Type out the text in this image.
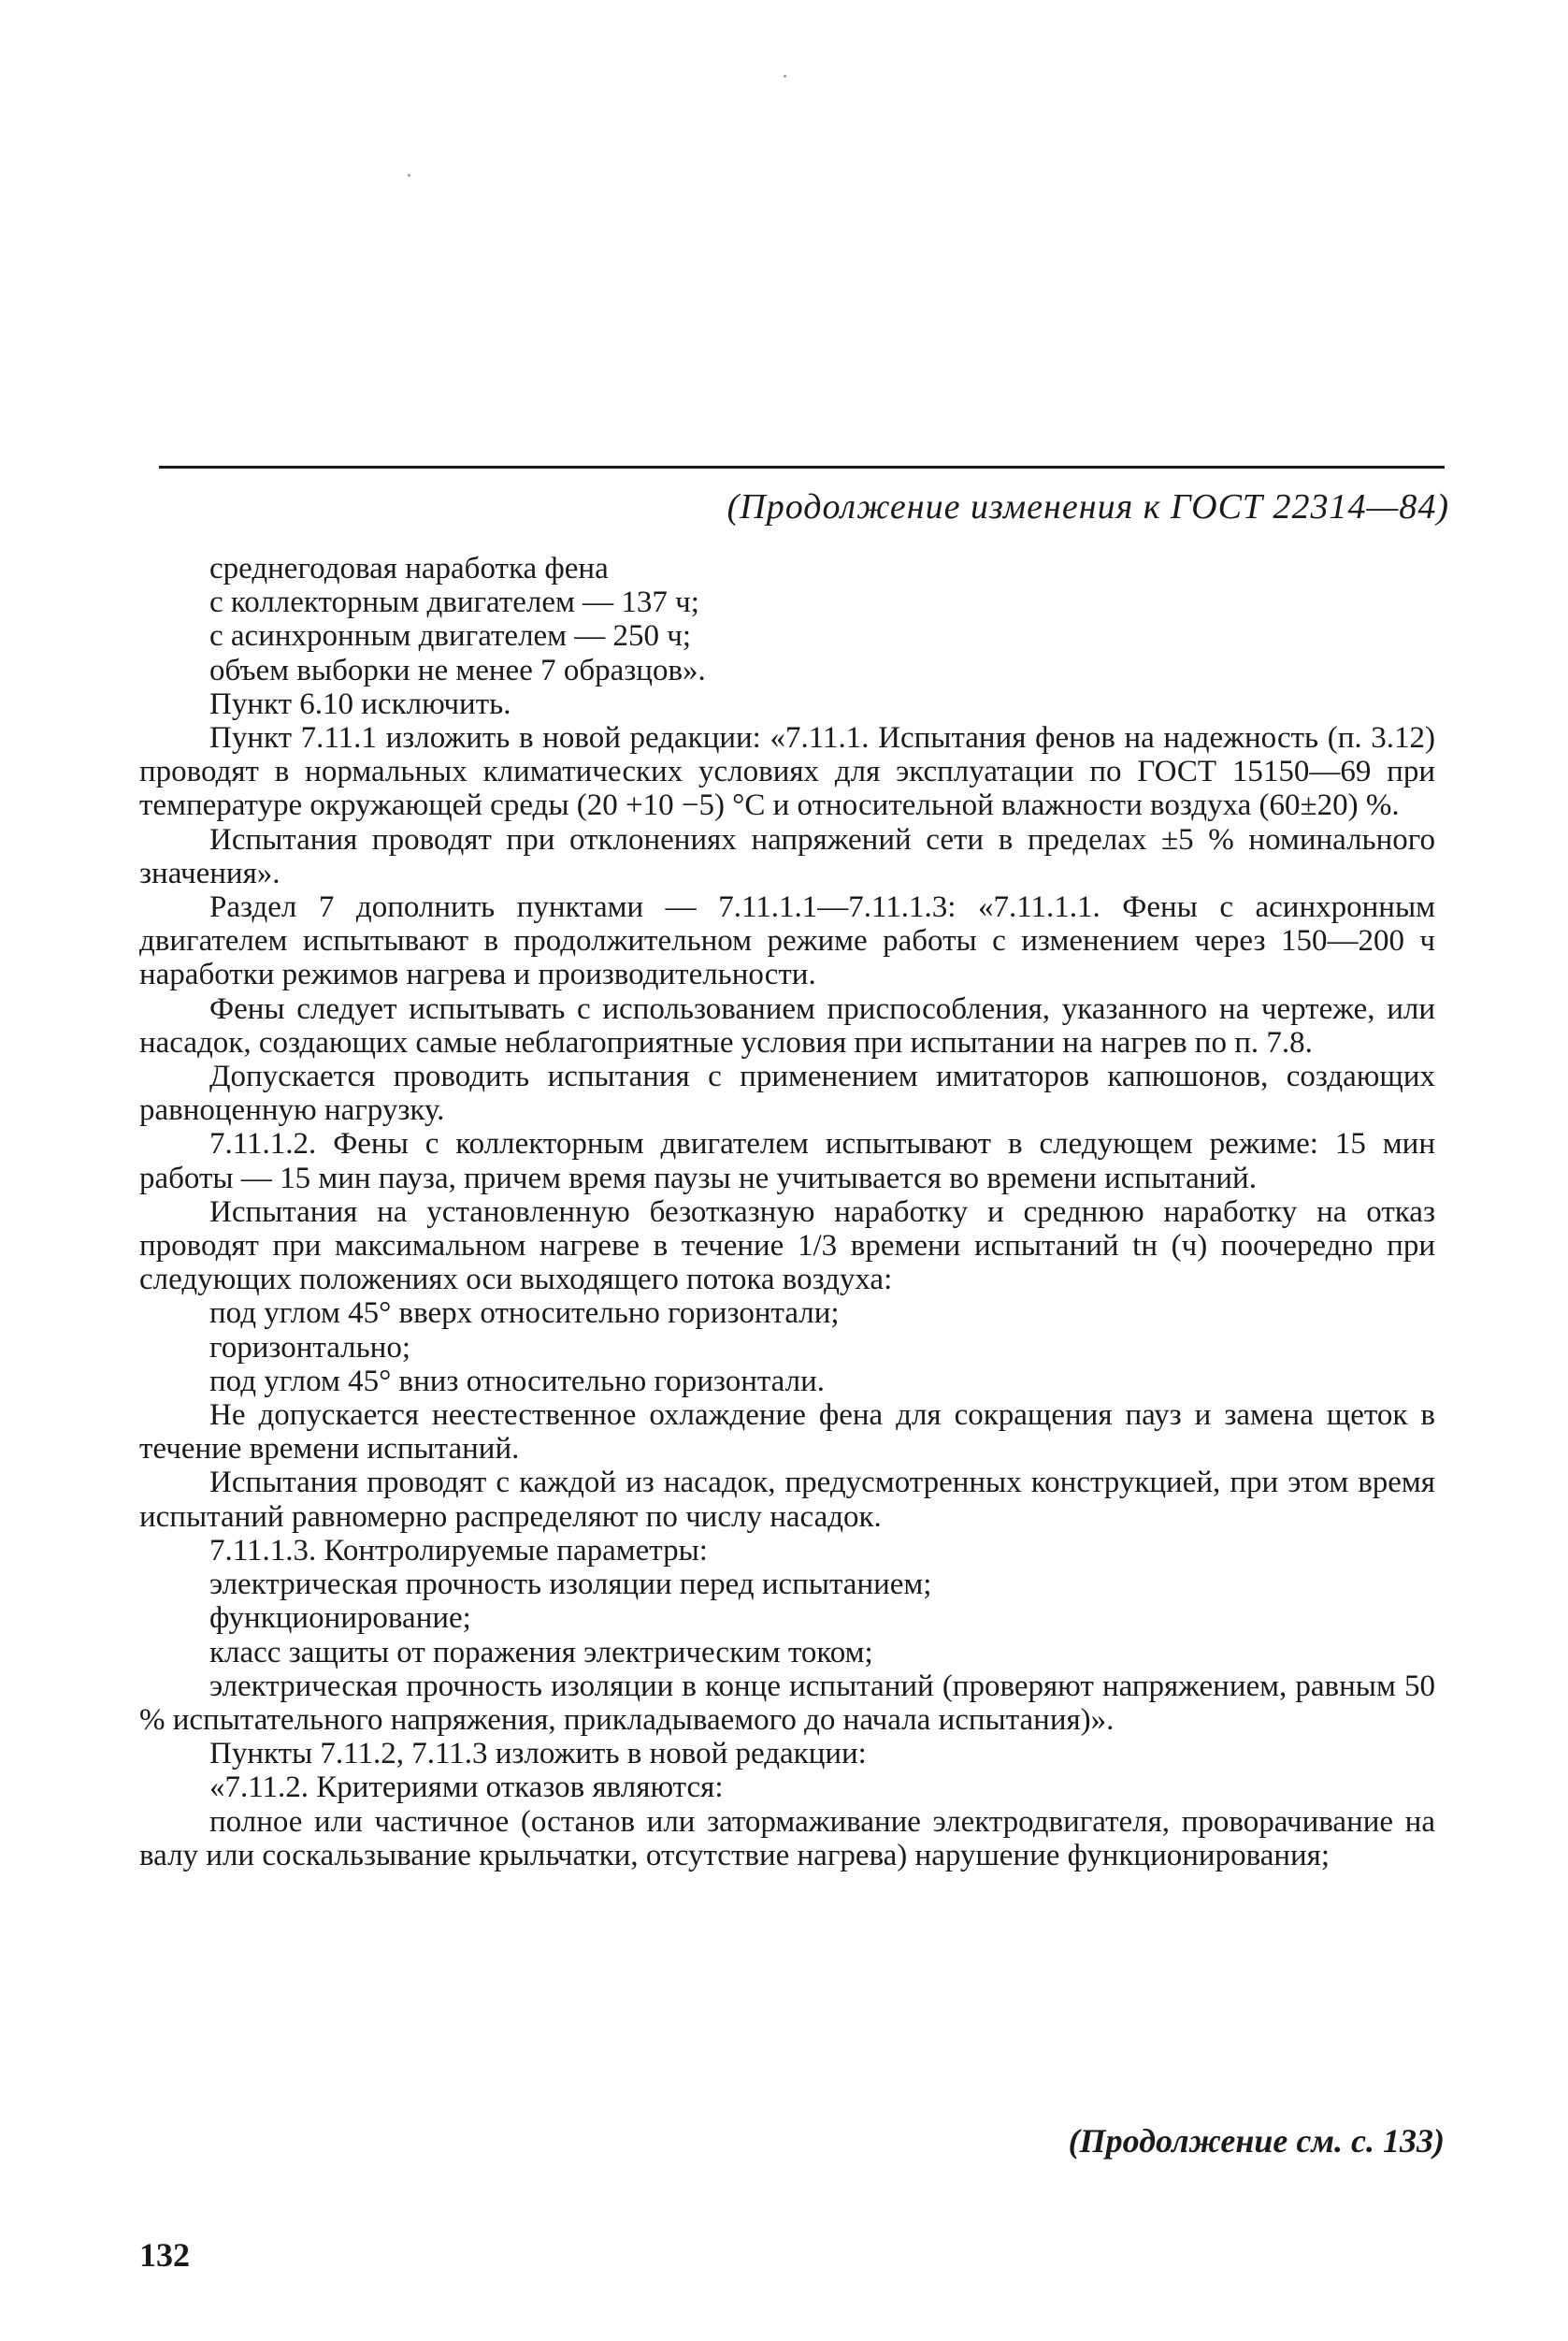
(Продолжение изменения к ГОСТ 22314—84)

среднегодовая наработка фена

с коллекторным двигателем — 137 ч;

с асинхронным двигателем — 250 ч;

объем выборки не менее 7 образцов».

Пункт 6.10 исключить.

Пункт 7.11.1 изложить в новой редакции: «7.11.1. Испытания фенов на надежность (п. 3.12) проводят в нормальных климатических условиях для эксплуатации по ГОСТ 15150—69 при температуре окружающей среды (20 +10 −5) °С и относительной влажности воздуха (60±20) %.

Испытания проводят при отклонениях напряжений сети в пределах ±5 % номинального значения».

Раздел 7 дополнить пунктами — 7.11.1.1—7.11.1.3: «7.11.1.1. Фены с асинхронным двигателем испытывают в продолжительном режиме работы с изменением через 150—200 ч наработки режимов нагрева и производительности.

Фены следует испытывать с использованием приспособления, указанного на чертеже, или насадок, создающих самые неблагоприятные условия при испытании на нагрев по п. 7.8.

Допускается проводить испытания с применением имитаторов капюшонов, создающих равноценную нагрузку.

7.11.1.2. Фены с коллекторным двигателем испытывают в следующем режиме: 15 мин работы — 15 мин пауза, причем время паузы не учитывается во времени испытаний.

Испытания на установленную безотказную наработку и среднюю наработку на отказ проводят при максимальном нагреве в течение 1/3 времени испытаний tн (ч) поочередно при следующих положениях оси выходящего потока воздуха:

под углом 45° вверх относительно горизонтали;

горизонтально;

под углом 45° вниз относительно горизонтали.

Не допускается неестественное охлаждение фена для сокращения пауз и замена щеток в течение времени испытаний.

Испытания проводят с каждой из насадок, предусмотренных конструкцией, при этом время испытаний равномерно распределяют по числу насадок.

7.11.1.3. Контролируемые параметры:

электрическая прочность изоляции перед испытанием;

функционирование;

класс защиты от поражения электрическим током;

электрическая прочность изоляции в конце испытаний (проверяют напряжением, равным 50 % испытательного напряжения, прикладываемого до начала испытания)».

Пункты 7.11.2, 7.11.3 изложить в новой редакции:

«7.11.2. Критериями отказов являются:

полное или частичное (останов или затормаживание электродвигателя, проворачивание на валу или соскальзывание крыльчатки, отсутствие нагрева) нарушение функционирования;

(Продолжение см. с. 133)
132
